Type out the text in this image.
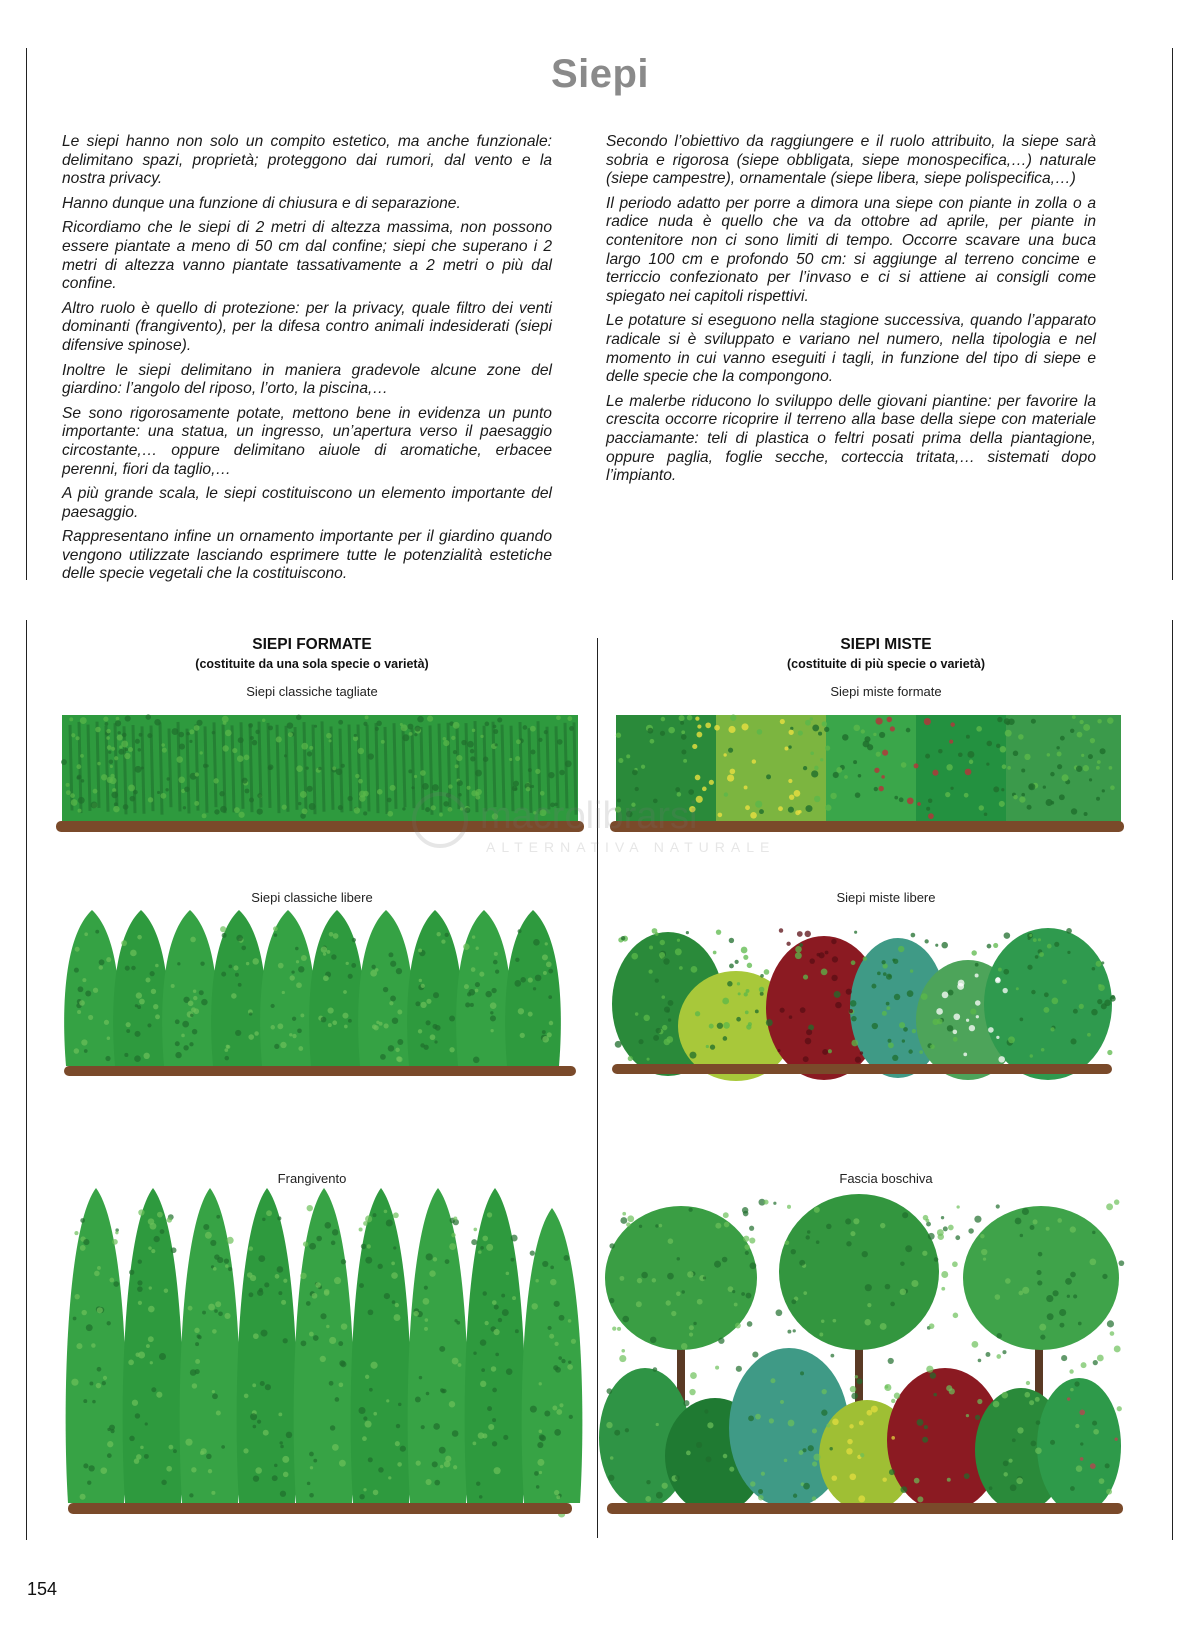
Siepi

Le siepi hanno non solo un compito estetico, ma anche funzionale: delimitano spazi, proprietà; proteggono dai rumori, dal vento e la nostra privacy.

Hanno dunque una funzione di chiusura e di separazione.

Ricordiamo che le siepi di 2 metri di altezza massima, non possono essere piantate a meno di 50 cm dal confine; siepi che superano i 2 metri di altezza vanno piantate tassativamente a 2 metri o più dal confine.

Altro ruolo è quello di protezione: per la privacy, quale filtro dei venti dominanti (frangivento), per la difesa contro animali indesiderati (siepi difensive spinose).

Inoltre le siepi delimitano in maniera gradevole alcune zone del giardino: l’angolo del riposo, l’orto, la piscina,…

Se sono rigorosamente potate, mettono bene in evidenza un punto importante: una statua, un ingresso, un’apertura verso il paesaggio circostante,… oppure delimitano aiuole di aromatiche, erbacee perenni, fiori da taglio,…

A più grande scala, le siepi costituiscono un elemento importante del paesaggio.

Rappresentano infine un ornamento importante per il giardino quando vengono utilizzate lasciando esprimere tutte le potenzialità estetiche delle specie vegetali che la costituiscono.

Secondo l’obiettivo da raggiungere e il ruolo attribuito, la siepe sarà sobria e rigorosa (siepe obbligata, siepe monospecifica,…) naturale (siepe campestre), ornamentale (siepe libera, siepe polispecifica,…)

Il periodo adatto per porre a dimora una siepe con piante in zolla o a radice nuda è quello che va da ottobre ad aprile, per piante in contenitore non ci sono limiti di tempo. Occorre scavare una buca largo 100 cm e profondo 50 cm: si aggiunge al terreno concime e terriccio confezionato per l’invaso e ci si attiene ai consigli come spiegato nei capitoli rispettivi.

Le potature si eseguono nella stagione successiva, quando l’apparato radicale si è sviluppato e variano nel numero, nella tipologia e nel momento in cui vanno eseguiti i tagli, in funzione del tipo di siepe e delle specie che la compongono.

Le malerbe riducono lo sviluppo delle giovani piantine: per favorire la crescita occorre ricoprire il terreno alla base della siepe con materiale pacciamante: teli di plastica o feltri posati prima della piantagione, oppure paglia, foglie secche, corteccia tritata,… sistemati dopo l’impianto.

SIEPI FORMATE
(costituite da una sola specie o varietà)
SIEPI MISTE
(costituite di più specie o varietà)
Siepi classiche tagliate
Siepi classiche libere
Frangivento
Siepi miste formate
Siepi miste libere
Fascia boschiva
macrolibrarsi
ALTERNATIVA NATURALE
154
